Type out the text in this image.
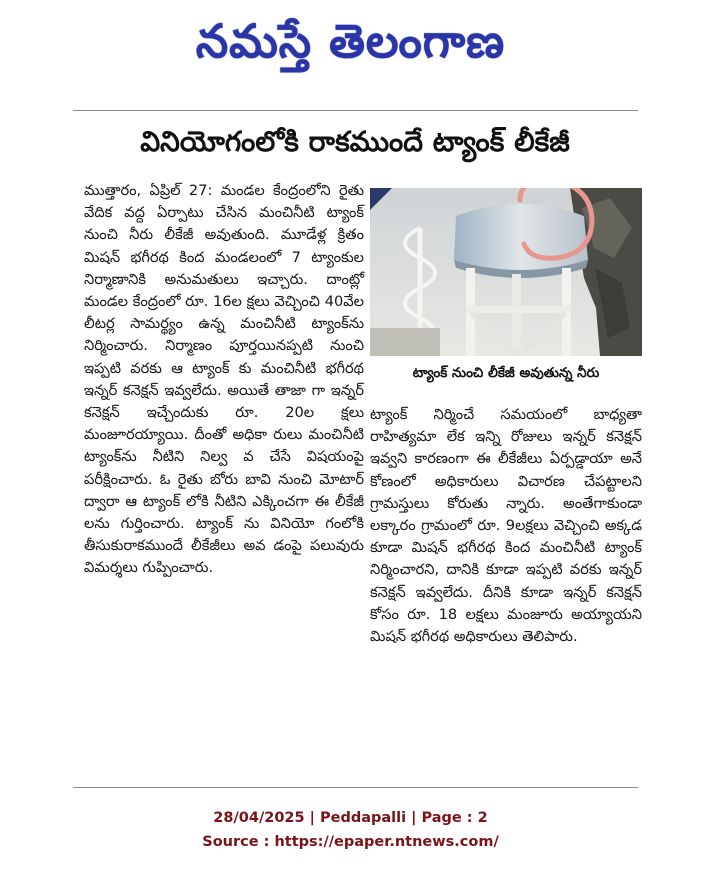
నమస్తే తెలంగాణ
వినియోగంలోకి రాకముందే ట్యాంక్ లీకేజీ
ముత్తారం, ఏప్రిల్ 27: మండల కేంద్రంలోని రైతు వేదిక వద్ద ఏర్పాటు చేసిన మంచినీటి ట్యాంక్ నుంచి నీరు లీకేజీ అవుతుంది. మూడేళ్ల క్రితం మిషన్ భగీరథ కింద మండలంలో 7 ట్యాంకుల నిర్మాణానికి అనుమతులు ఇచ్చారు. దాంట్లో మండల కేంద్రంలో రూ. 16ల క్షలు వెచ్చించి 40వేల లీటర్ల సామర్థ్యం ఉన్న మంచినీటి ట్యాంక్‌ను నిర్మించారు. నిర్మాణం పూర్తయినప్పటి నుంచి ఇప్పటి వరకు ఆ ట్యాంక్ కు మంచినీటి భగీరథ ఇన్నర్ కనెక్షన్ ఇవ్వలేదు. అయితే తాజా గా ఇన్నర్ కనెక్షన్ ఇచ్చేందుకు రూ. 20ల క్షలు మంజూరయ్యాయి. దీంతో అధికా రులు మంచినీటి ట్యాంక్‌ను నీటిని నిల్వ వ చేసే విషయంపై పరీక్షించారు. ఓ రైతు బోరు బావి నుంచి మోటార్ ద్వారా ఆ ట్యాంక్ లోకి నీటిని ఎక్కించగా ఈ లీకేజీ లను గుర్తించారు. ట్యాంక్ ను వినియో గంలోకి తీసుకురాకముందే లీకేజీలు అవ డంపై పలువురు విమర్శలు గుప్పించారు.
ట్యాంక్ నుంచి లీకేజీ అవుతున్న నీరు
ట్యాంక్ నిర్మించే సమయంలో బాధ్యతా రాహిత్యమా లేక ఇన్ని రోజులు ఇన్నర్ కనెక్షన్ ఇవ్వని కారణంగా ఈ లీకేజీలు ఏర్పడ్డాయా అనే కోణంలో అధికారులు విచారణ చేపట్టాలని గ్రామస్తులు కోరుతు న్నారు. అంతేగాకుండా లక్కారం గ్రామంలో రూ. 9లక్షలు వెచ్చించి అక్కడ కూడా మిషన్ భగీరథ కింద మంచినీటి ట్యాంక్ నిర్మించారని, దానికి కూడా ఇప్పటి వరకు ఇన్నర్ కనెక్షన్ ఇవ్వలేదు. దీనికి కూడా ఇన్నర్ కనెక్షన్ కోసం రూ. 18 లక్షలు మంజూరు అయ్యాయని మిషన్ భగీరథ అధికారులు తెలిపారు.
28/04/2025 | Peddapalli | Page : 2
Source : https://epaper.ntnews.com/
